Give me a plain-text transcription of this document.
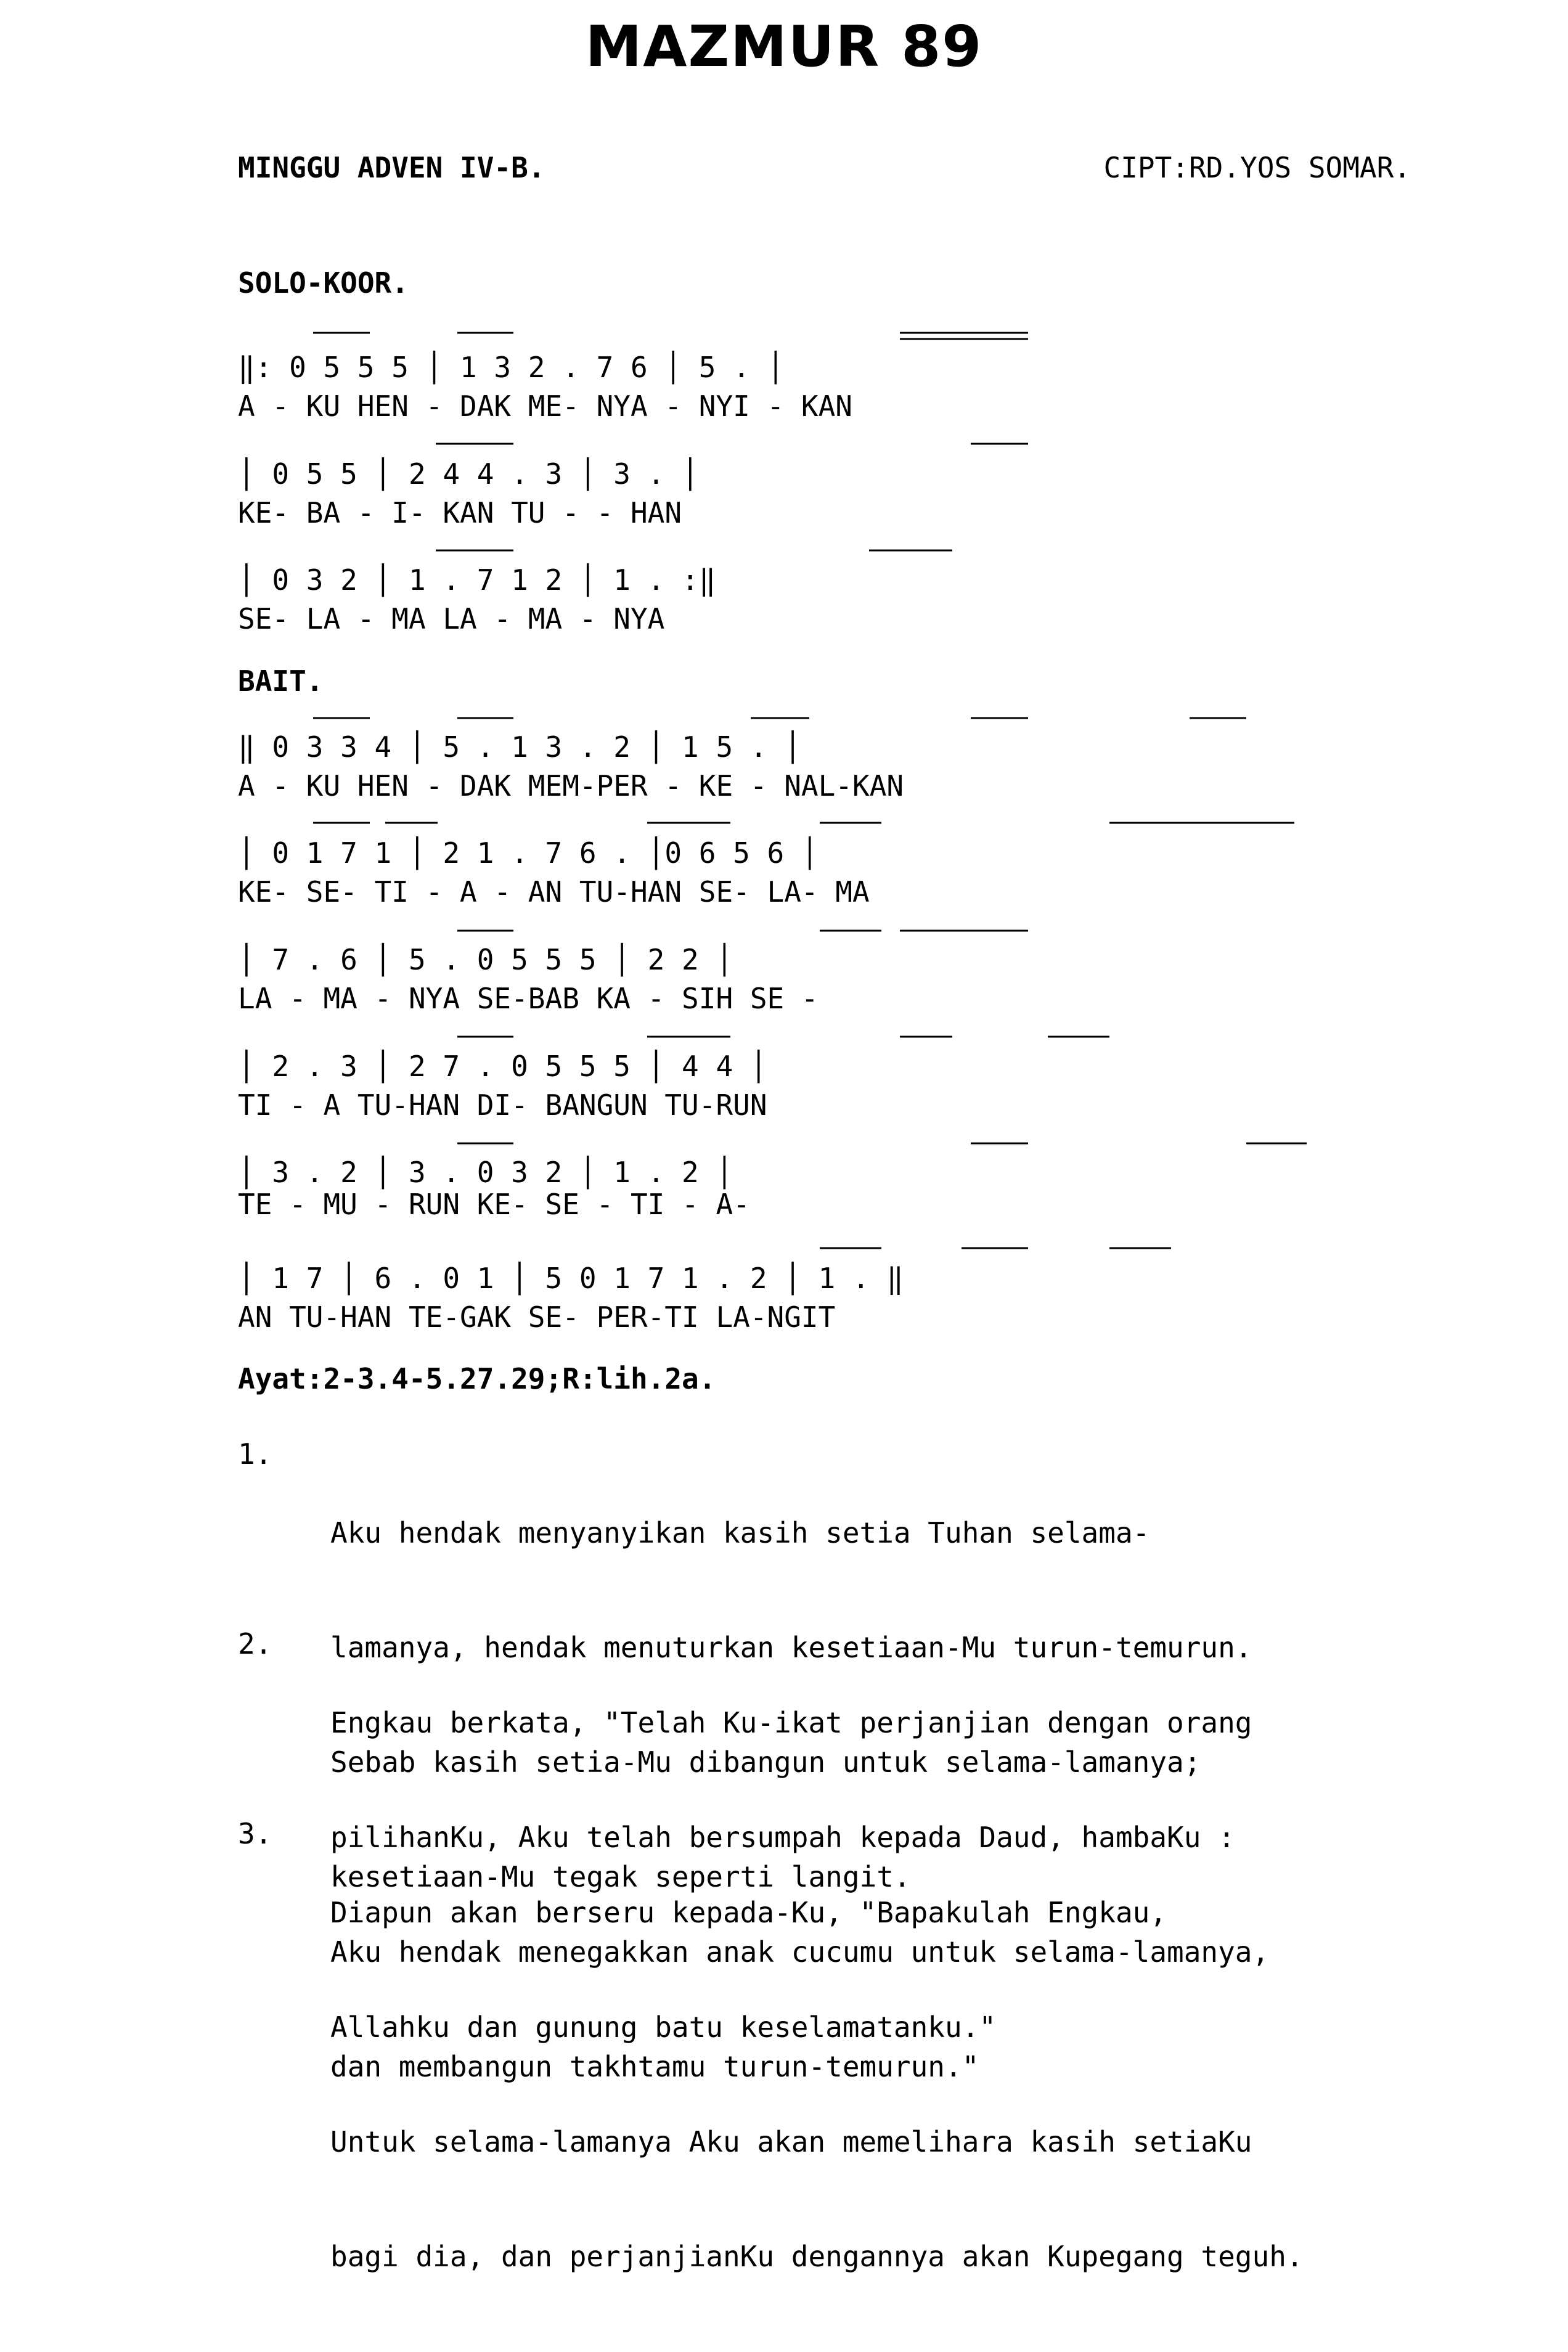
MAZMUR 89
MINGGU ADVEN IV-B.	CIPT:RD.YOS SOMAR.
SOLO-KOOR.
BAIT.
‖: 0 5 5 5 │ 1 3 2 . 7 6 │ 5 . │
A - KU HEN - DAK ME- NYA - NYI - KAN
│ 0 5 5 │ 2 4 4 . 3 │ 3 . │
KE- BA - I- KAN TU - - HAN
│ 0 3 2 │ 1 . 7 1 2 │ 1 . :‖
SE- LA - MA LA - MA - NYA
‖ 0 3 3 4 │ 5 . 1 3 . 2 │ 1 5 . │
A - KU HEN - DAK MEM-PER - KE - NAL-KAN
│ 0 1 7 1 │ 2 1 . 7 6 . │0 6 5 6 │
KE- SE- TI - A - AN TU-HAN SE- LA- MA
│ 7 . 6 │ 5 . 0 5 5 5 │ 2 2 │
LA - MA - NYA SE-BAB KA - SIH SE -
│ 2 . 3 │ 2 7 . 0 5 5 5 │ 4 4 │
TI - A TU-HAN DI- BANGUN TU-RUN
│ 3 . 2 │ 3 . 0 3 2 │ 1 . 2 │
TE - MU - RUN KE- SE - TI - A-
│ 1 7 │ 6 . 0 1 │ 5 0 1 7 1 . 2 │ 1 . ‖
AN TU-HAN TE-GAK SE- PER-TI LA-NGIT
Ayat:2-3.4-5.27.29;R:lih.2a.
1.

Aku hendak menyanyikan kasih setia Tuhan selama-

lamanya, hendak menuturkan kesetiaan-Mu turun-temurun.

Sebab kasih setia-Mu dibangun untuk selama-lamanya;

kesetiaan-Mu tegak seperti langit.

2.

Engkau berkata, "Telah Ku-ikat perjanjian dengan orang

pilihanKu, Aku telah bersumpah kepada Daud, hambaKu :

Aku hendak menegakkan anak cucumu untuk selama-lamanya,

dan membangun takhtamu turun-temurun."

3.

Diapun akan berseru kepada-Ku, "Bapakulah Engkau,

Allahku dan gunung batu keselamatanku."

Untuk selama-lamanya Aku akan memelihara kasih setiaKu

bagi dia, dan perjanjianKu dengannya akan Kupegang teguh.
